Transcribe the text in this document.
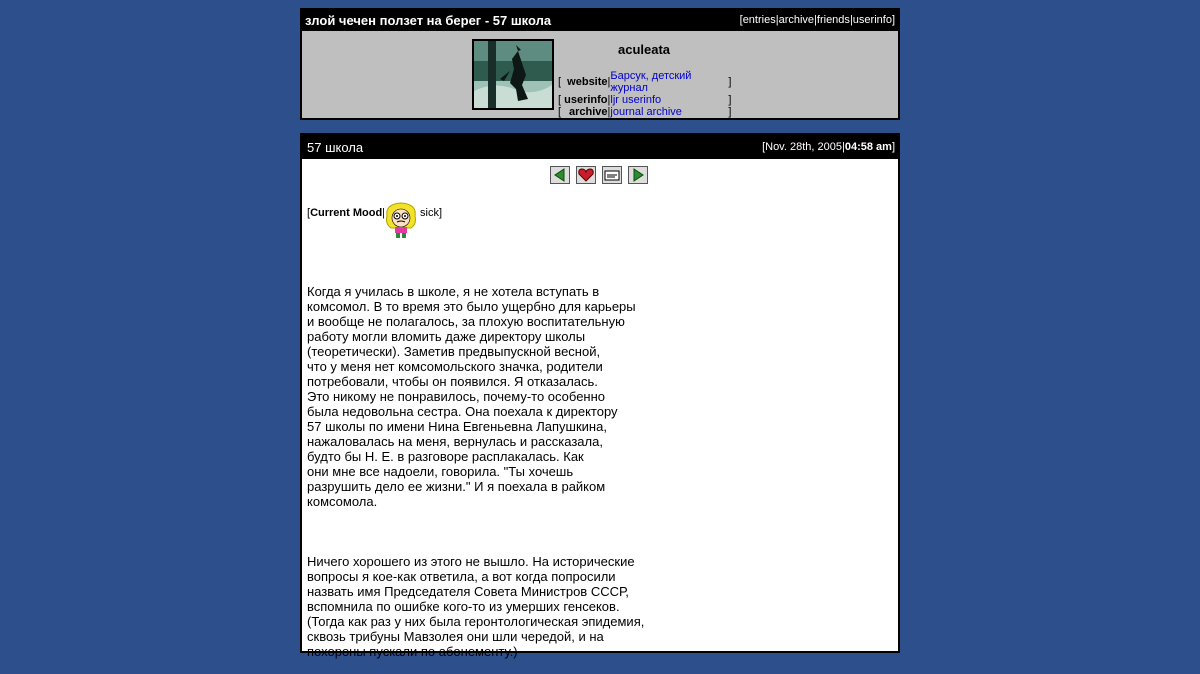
злой чечен ползет на берег - 57 школа	[entries|archive|friends|userinfo]
aculeata
[	website	|	Барсук, детский журнал	]
[	userinfo	|	ljr userinfo	]
[	archive	|	journal archive	]
57 школа	[Nov. 28th, 2005|04:58 am]
[Current Mood|	sick]

Когда я училась в школе, я не хотела вступать в
комсомол. В то время это было ущербно для карьеры
и вообще не полагалось, за плохую воспитательную
работу могли вломить даже директору школы
(теоретически). Заметив предвыпускной весной,
что у меня нет комсомольского значка, родители
потребовали, чтобы он появился. Я отказалась.
Это никому не понравилось, почему-то особенно
была недовольна сестра. Она поехала к директору
57 школы по имени Нина Евгеньевна Лапушкина,
нажаловалась на меня, вернулась и рассказала,
будто бы Н. Е. в разговоре расплакалась. Как
они мне все надоели, говорила. "Ты хочешь
разрушить дело ее жизни." И я поехала в райком
комсомола.

Ничего хорошего из этого не вышло. На исторические
вопросы я кое-как ответила, а вот когда попросили
назвать имя Председателя Совета Министров СССР,
вспомнила по ошибке кого-то из умерших генсеков.
(Тогда как раз у них была геронтологическая эпидемия,
сквозь трибуны Мавзолея они шли чередой, и на
похороны пускали по абонементу.)
